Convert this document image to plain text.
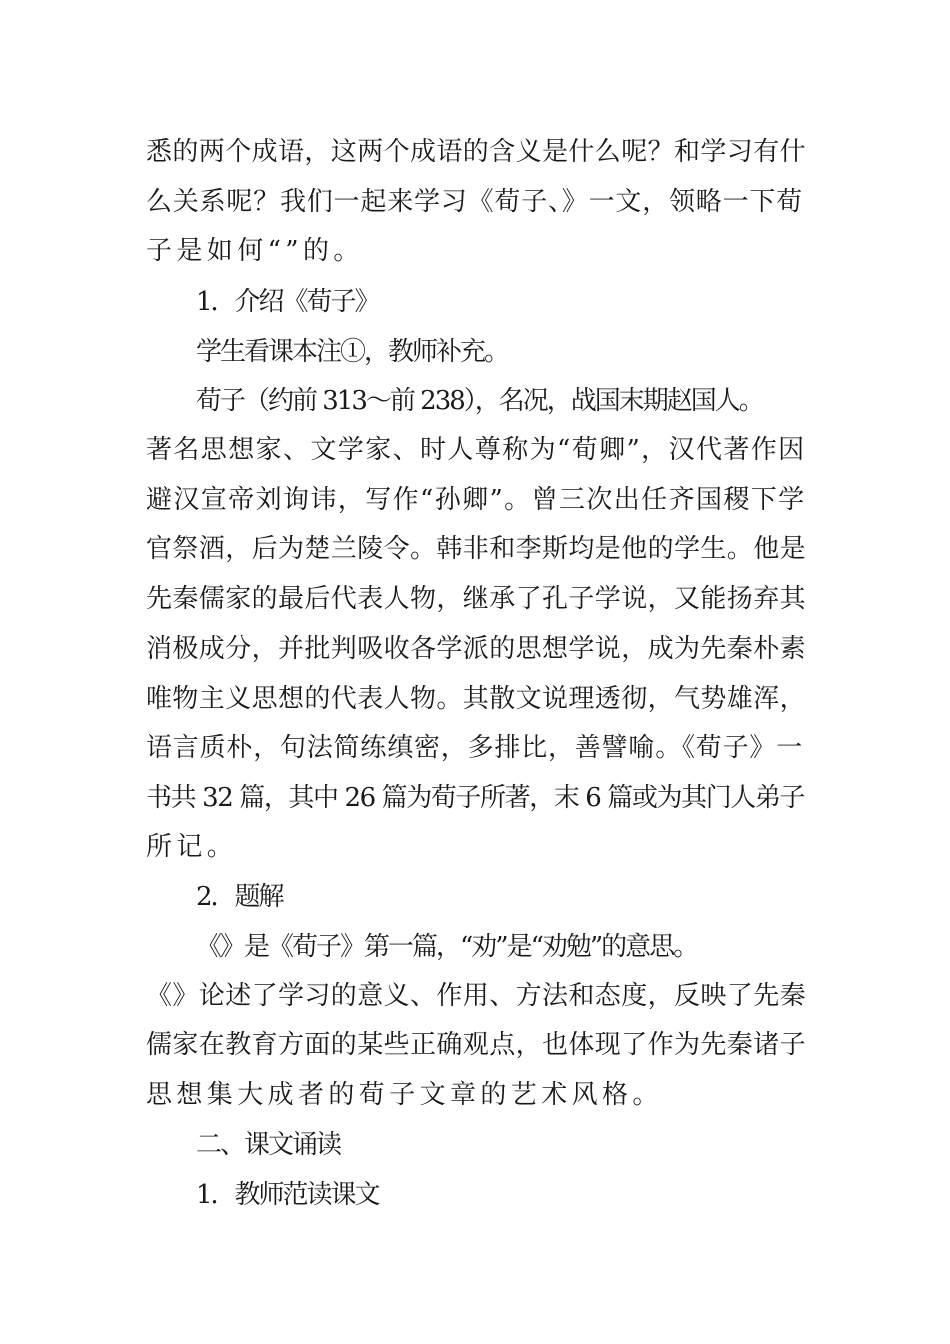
悉的两个成语，这两个成语的含义是什么呢？和学习有什
么关系呢？我们一起来学习《荀子、》一文，领略一下荀
子是如何“”的。
1．介绍《荀子》
学生看课本注①，教师补充。
荀子（约前 313～前 238），名况，战国末期赵国人。
著名思想家、文学家、时人尊称为“荀卿”，汉代著作因
避汉宣帝刘询讳，写作“孙卿”。曾三次出任齐国稷下学
官祭酒，后为楚兰陵令。韩非和李斯均是他的学生。他是
先秦儒家的最后代表人物，继承了孔子学说，又能扬弃其
消极成分，并批判吸收各学派的思想学说，成为先秦朴素
唯物主义思想的代表人物。其散文说理透彻，气势雄浑，
语言质朴，句法简练缜密，多排比，善譬喻。《荀子》一
书共 32 篇，其中 26 篇为荀子所著，末 6 篇或为其门人弟子
所记。
2．题解
《》是《荀子》第一篇，“劝”是“劝勉”的意思。
《》论述了学习的意义、作用、方法和态度，反映了先秦
儒家在教育方面的某些正确观点，也体现了作为先秦诸子
思想集大成者的荀子文章的艺术风格。
二、课文诵读
1．教师范读课文
